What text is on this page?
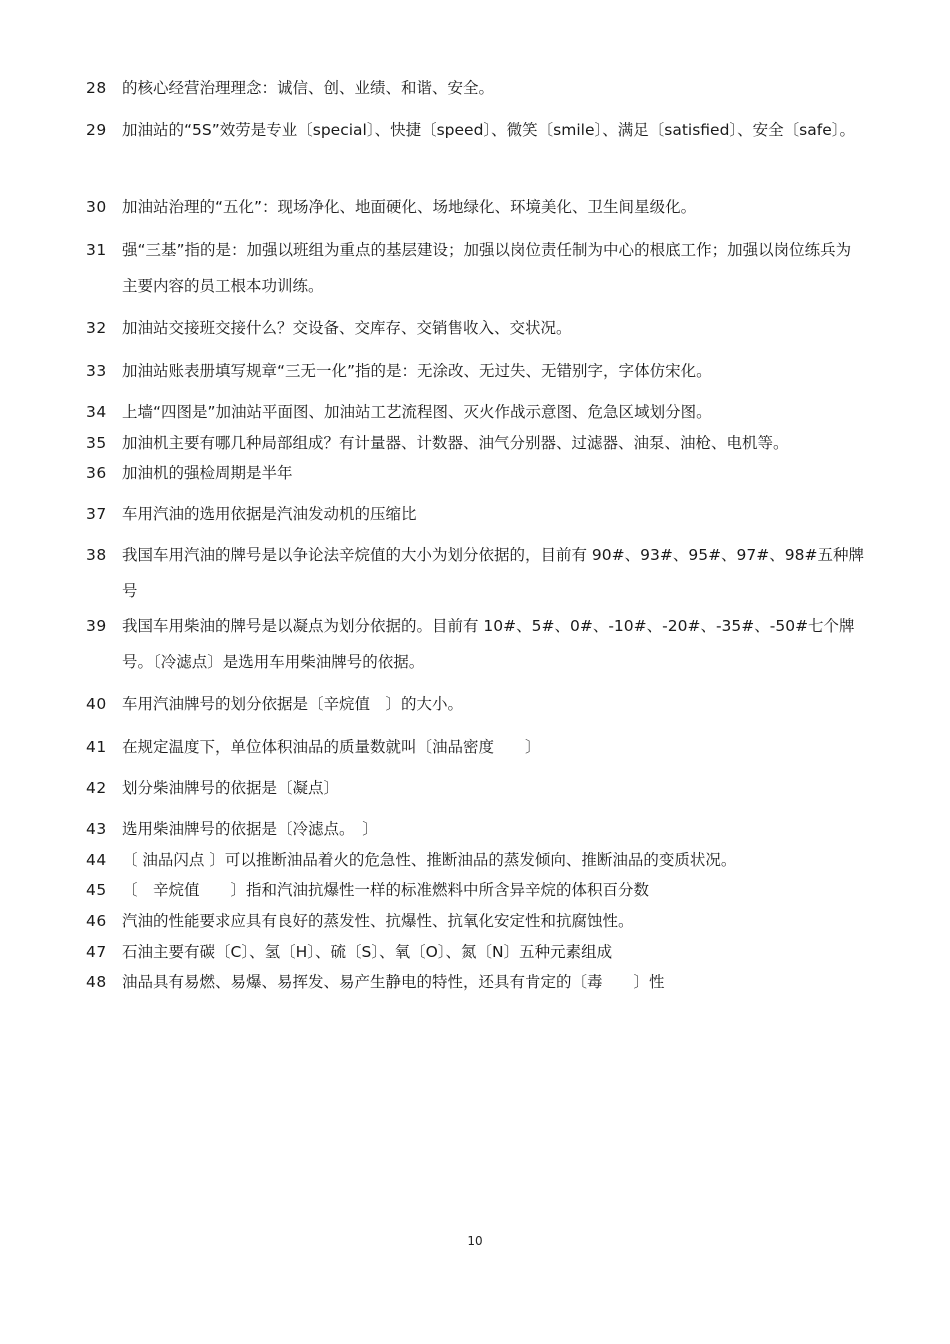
28 的核心经营治理理念：诚信、创、业绩、和谐、安全。
29 加油站的“5S”效劳是专业〔special〕、快捷〔speed〕、微笑〔smile〕、满足〔satisfied〕、安全〔safe〕。
30 加油站治理的“五化”：现场净化、地面硬化、场地绿化、环境美化、卫生间星级化。
31 强“三基”指的是：加强以班组为重点的基层建设；加强以岗位责任制为中心的根底工作；加强以岗位练兵为主要内容的员工根本功训练。
32 加油站交接班交接什么？交设备、交库存、交销售收入、交状况。
33 加油站账表册填写规章“三无一化”指的是：无涂改、无过失、无错别字，字体仿宋化。
34 上墙“四图是”加油站平面图、加油站工艺流程图、灭火作战示意图、危急区域划分图。
35 加油机主要有哪几种局部组成？有计量器、计数器、油气分别器、过滤器、油泵、油枪、电机等。
36 加油机的强检周期是半年
37 车用汽油的选用依据是汽油发动机的压缩比
38 我国车用汽油的牌号是以争论法辛烷值的大小为划分依据的，目前有 90#、93#、95#、97#、98#五种牌号
39 我国车用柴油的牌号是以凝点为划分依据的。目前有 10#、5#、0#、-10#、-20#、-35#、-50#七个牌号。〔冷滤点〕是选用车用柴油牌号的依据。
40 车用汽油牌号的划分依据是〔辛烷值　〕的大小。
41 在规定温度下，单位体积油品的质量数就叫〔油品密度　　〕
42 划分柴油牌号的依据是〔凝点〕
43 选用柴油牌号的依据是〔冷滤点。　〕
44 〔 油品闪点 〕可以推断油品着火的危急性、推断油品的蒸发倾向、推断油品的变质状况。
45 〔　辛烷值　　〕指和汽油抗爆性一样的标准燃料中所含异辛烷的体积百分数
46 汽油的性能要求应具有良好的蒸发性、抗爆性、抗氧化安定性和抗腐蚀性。
47 石油主要有碳〔C〕、氢〔H〕、硫〔S〕、氧〔O〕、氮〔N〕五种元素组成
48 油品具有易燃、易爆、易挥发、易产生静电的特性，还具有肯定的〔毒　　〕性
10
